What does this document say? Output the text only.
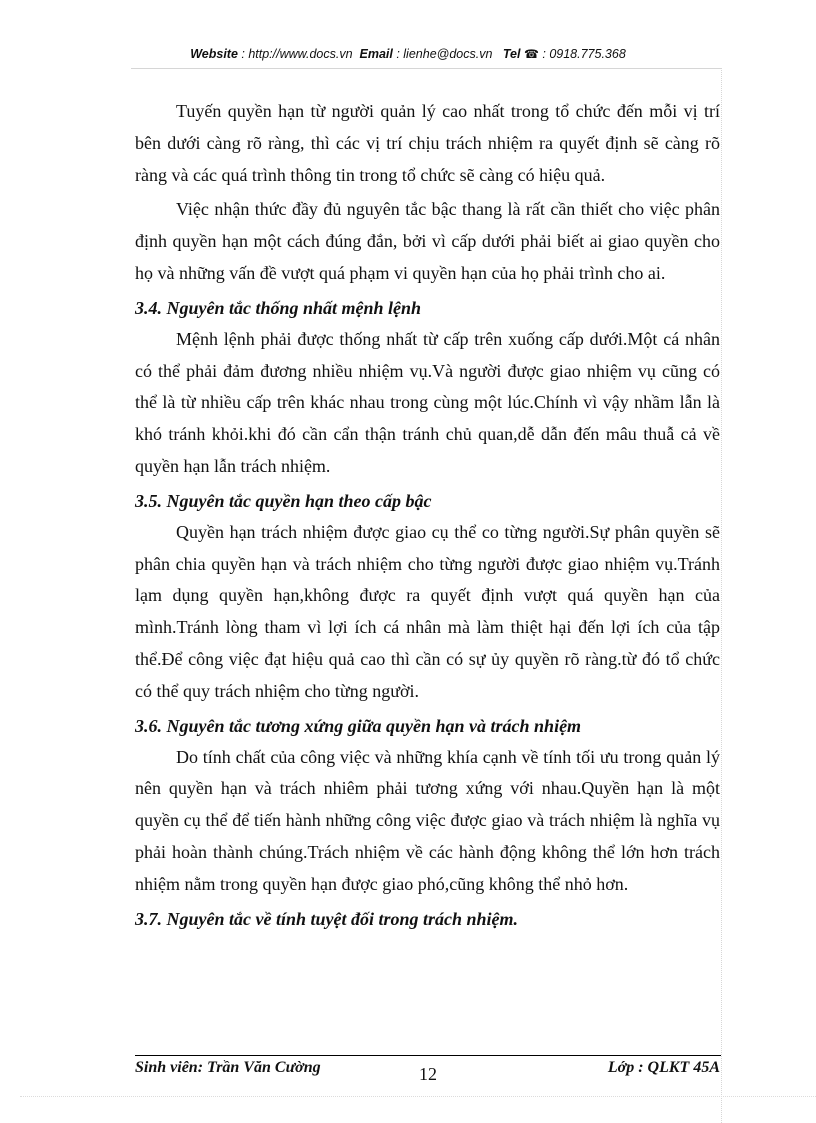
Website : http://www.docs.vn Email : lienhe@docs.vn Tel ☎ : 0918.775.368

Tuyến quyền hạn từ người quản lý cao nhất trong tổ chức đến mỗi vị trí bên dưới càng rõ ràng, thì các vị trí chịu trách nhiệm ra quyết định sẽ càng rõ ràng và các quá trình thông tin trong tổ chức sẽ càng có hiệu quả.

Việc nhận thức đầy đủ nguyên tắc bậc thang là rất cần thiết cho việc phân định quyền hạn một cách đúng đắn, bởi vì cấp dưới phải biết ai giao quyền cho họ và những vấn đề vượt quá phạm vi quyền hạn của họ phải trình cho ai.

3.4. Nguyên tắc thống nhất mệnh lệnh

Mệnh lệnh phải được thống nhất từ cấp trên xuống cấp dưới.Một cá nhân có thể phải đảm đương nhiều nhiệm vụ.Và người được giao nhiệm vụ cũng có thể là từ nhiều cấp trên khác nhau trong cùng một lúc.Chính vì vậy nhầm lẫn là khó tránh khỏi.khi đó cần cẩn thận tránh chủ quan,dễ dẫn đến mâu thuẫ cả về quyền hạn lẫn trách nhiệm.

3.5. Nguyên tắc quyền hạn theo cấp bậc

Quyền hạn trách nhiệm được giao cụ thể co từng người.Sự phân quyền sẽ phân chia quyền hạn và trách nhiệm cho từng người được giao nhiệm vụ.Tránh lạm dụng quyền hạn,không được ra quyết định vượt quá quyền hạn của mình.Tránh lòng tham vì lợi ích cá nhân mà làm thiệt hại đến lợi ích của tập thể.Để công việc đạt hiệu quả cao thì cần có sự ủy quyền rõ ràng.từ đó tổ chức có thể quy trách nhiệm cho từng người.

3.6. Nguyên tắc tương xứng giữa quyền hạn và trách nhiệm

Do tính chất của công việc và những khía cạnh về tính tối ưu trong quản lý nên quyền hạn và trách nhiêm phải tương xứng với nhau.Quyền hạn là một quyền cụ thể để tiến hành những công việc được giao và trách nhiệm là nghĩa vụ phải hoàn thành chúng.Trách nhiệm về các hành động không thể lớn hơn trách nhiệm nằm trong quyền hạn được giao phó,cũng không thể nhỏ hơn.

3.7. Nguyên tắc về tính tuyệt đối trong trách nhiệm.
Sinh viên: Trần Văn Cường	12	Lớp : QLKT 45A
